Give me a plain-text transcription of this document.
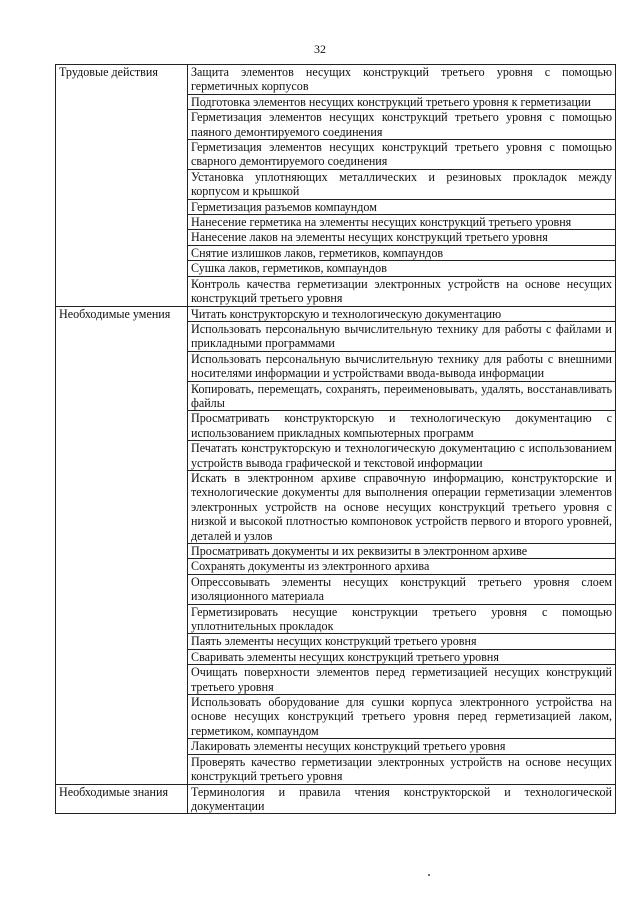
32
Трудовые действия	Защита элементов несущих конструкций третьего уровня с помощью герметичных корпусов
	Подготовка элементов несущих конструкций третьего уровня к герметизации
	Герметизация элементов несущих конструкций третьего уровня с помощью паяного демонтируемого соединения
	Герметизация элементов несущих конструкций третьего уровня с помощью сварного демонтируемого соединения
	Установка уплотняющих металлических и резиновых прокладок между корпусом и крышкой
	Герметизация разъемов компаундом
	Нанесение герметика на элементы несущих конструкций третьего уровня
	Нанесение лаков на элементы несущих конструкций третьего уровня
	Снятие излишков лаков, герметиков, компаундов
	Сушка лаков, герметиков, компаундов
	Контроль качества герметизации электронных устройств на основе несущих конструкций третьего уровня
Необходимые умения	Читать конструкторскую и технологическую документацию
	Использовать персональную вычислительную технику для работы с файлами и прикладными программами
	Использовать персональную вычислительную технику для работы с внешними носителями информации и устройствами ввода-вывода информации
	Копировать, перемещать, сохранять, переименовывать, удалять, восстанавливать файлы
	Просматривать конструкторскую и технологическую документацию с использованием прикладных компьютерных программ
	Печатать конструкторскую и технологическую документацию с использованием устройств вывода графической и текстовой информации
	Искать в электронном архиве справочную информацию, конструкторские и технологические документы для выполнения операции герметизации элементов электронных устройств на основе несущих конструкций третьего уровня с низкой и высокой плотностью компоновок устройств первого и второго уровней, деталей и узлов
	Просматривать документы и их реквизиты в электронном архиве
	Сохранять документы из электронного архива
	Опрессовывать элементы несущих конструкций третьего уровня слоем изоляционного материала
	Герметизировать несущие конструкции третьего уровня с помощью уплотнительных прокладок
	Паять элементы несущих конструкций третьего уровня
	Сваривать элементы несущих конструкций третьего уровня
	Очищать поверхности элементов перед герметизацией несущих конструкций третьего уровня
	Использовать оборудование для сушки корпуса электронного устройства на основе несущих конструкций третьего уровня перед герметизацией лаком, герметиком, компаундом
	Лакировать элементы несущих конструкций третьего уровня
	Проверять качество герметизации электронных устройств на основе несущих конструкций третьего уровня
Необходимые знания	Терминология и правила чтения конструкторской и технологической документации
